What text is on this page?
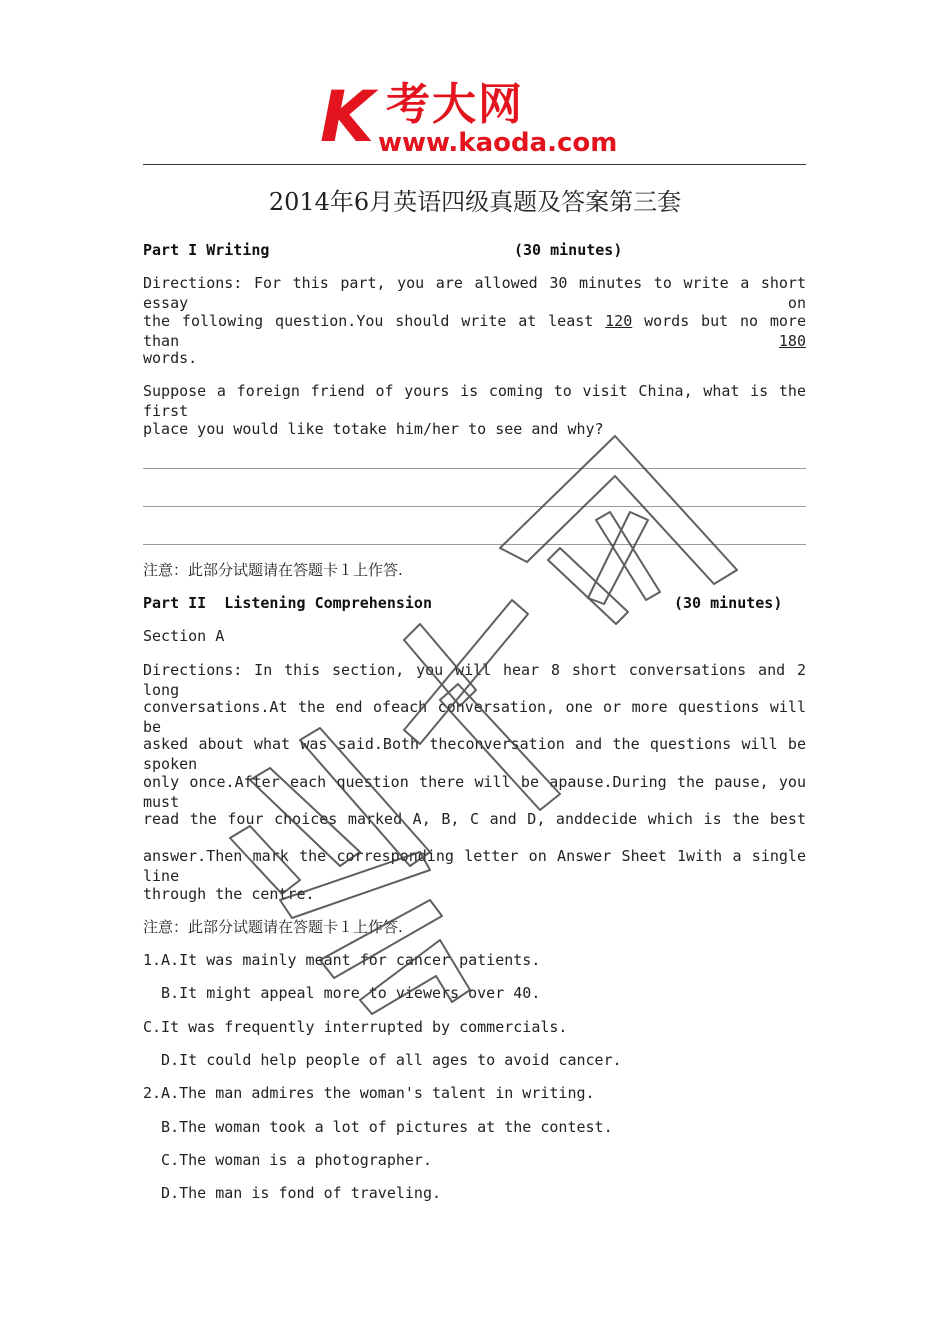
K 考大网
www.kaoda.com
2014年6月英语四级真题及答案第三套
Part I Writing	(30 minutes)
Directions: For this part, you are allowed 30 minutes to write a short essay on
the following question.You should write at least 120 words but no more than 180
words.
Suppose a foreign friend of yours is coming to visit China, what is the first
place you would like totake him/her to see and why?
注意：此部分试题请在答题卡１上作答.
Part II  Listening Comprehension	(30 minutes)
Section A
Directions: In this section, you will hear 8 short conversations and 2 long
conversations.At the end ofeach conversation, one or more questions will be
asked about what was said.Both theconversation and the questions will be spoken
only once.After each question there will be apause.During the pause, you must
read the four choices marked A, B, C and D, anddecide which is the best
answer.Then mark the corresponding letter on Answer Sheet 1with a single line
through the centre.
注意：此部分试题请在答题卡１上作答.
1.A.It was mainly meant for cancer patients.
B.It might appeal more to viewers over 40.
C.It was frequently interrupted by commercials.
D.It could help people of all ages to avoid cancer.
2.A.The man admires the woman's talent in writing.
B.The woman took a lot of pictures at the contest.
C.The woman is a photographer.
D.The man is fond of traveling.
